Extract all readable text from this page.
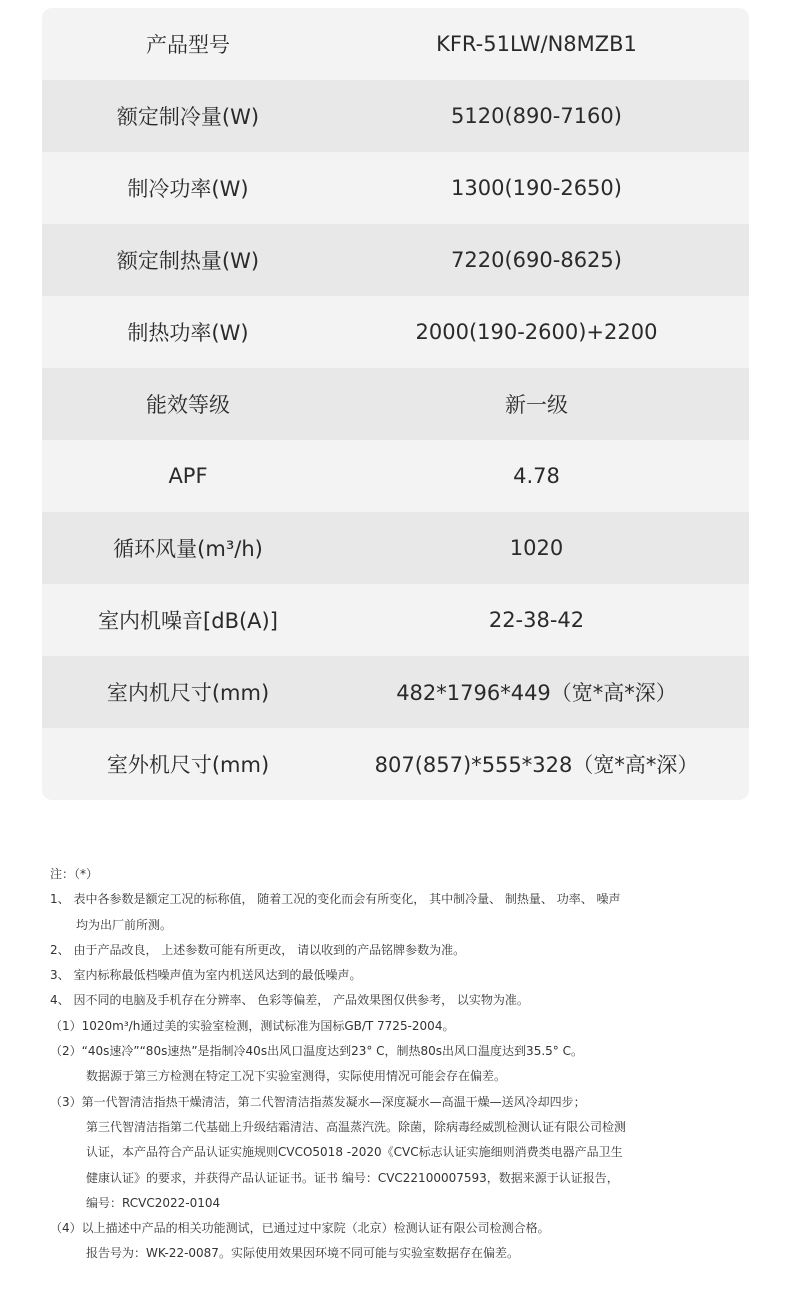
产品型号	KFR-51LW/N8MZB1
额定制冷量(W)	5120(890-7160)
制冷功率(W)	1300(190-2650)
额定制热量(W)	7220(690-8625)
制热功率(W)	2000(190-2600)+2200
能效等级	新一级
APF	4.78
循环风量(m³/h)	1020
室内机噪音[dB(A)]	22-38-42
室内机尺寸(mm)	482*1796*449（宽*高*深）
室外机尺寸(mm)	807(857)*555*328（宽*高*深）
注：（*）
1、 表中各参数是额定工况的标称值， 随着工况的变化而会有所变化， 其中制冷量、 制热量、 功率、 噪声
均为出厂前所测。
2、 由于产品改良， 上述参数可能有所更改， 请以收到的产品铭牌参数为准。
3、 室内标称最低档噪声值为室内机送风达到的最低噪声。
4、 因不同的电脑及手机存在分辨率、 色彩等偏差， 产品效果图仅供参考， 以实物为准。
（1）1020m³/h通过美的实验室检测，测试标准为国标GB/T 7725-2004。
（2）“40s速冷”“80s速热”是指制冷40s出风口温度达到23° C，制热80s出风口温度达到35.5° C。
数据源于第三方检测在特定工况下实验室测得，实际使用情况可能会存在偏差。
（3）第一代智清洁指热干燥清洁，第二代智清洁指蒸发凝水—深度凝水—高温干燥—送风冷却四步；
第三代智清洁指第二代基础上升级结霜清洁、高温蒸汽洗。除菌，除病毒经威凯检测认证有限公司检测
认证，本产品符合产品认证实施规则CVCO5018 -2020《CVC标志认证实施细则消费类电器产品卫生
健康认证》的要求，并获得产品认证证书。证书 编号：CVC22100007593，数据来源于认证报告，
编号：RCVC2022-0104
（4）以上描述中产品的相关功能测试，已通过过中家院（北京）检测认证有限公司检测合格。
报告号为：WK-22-0087。实际使用效果因环境不同可能与实验室数据存在偏差。
